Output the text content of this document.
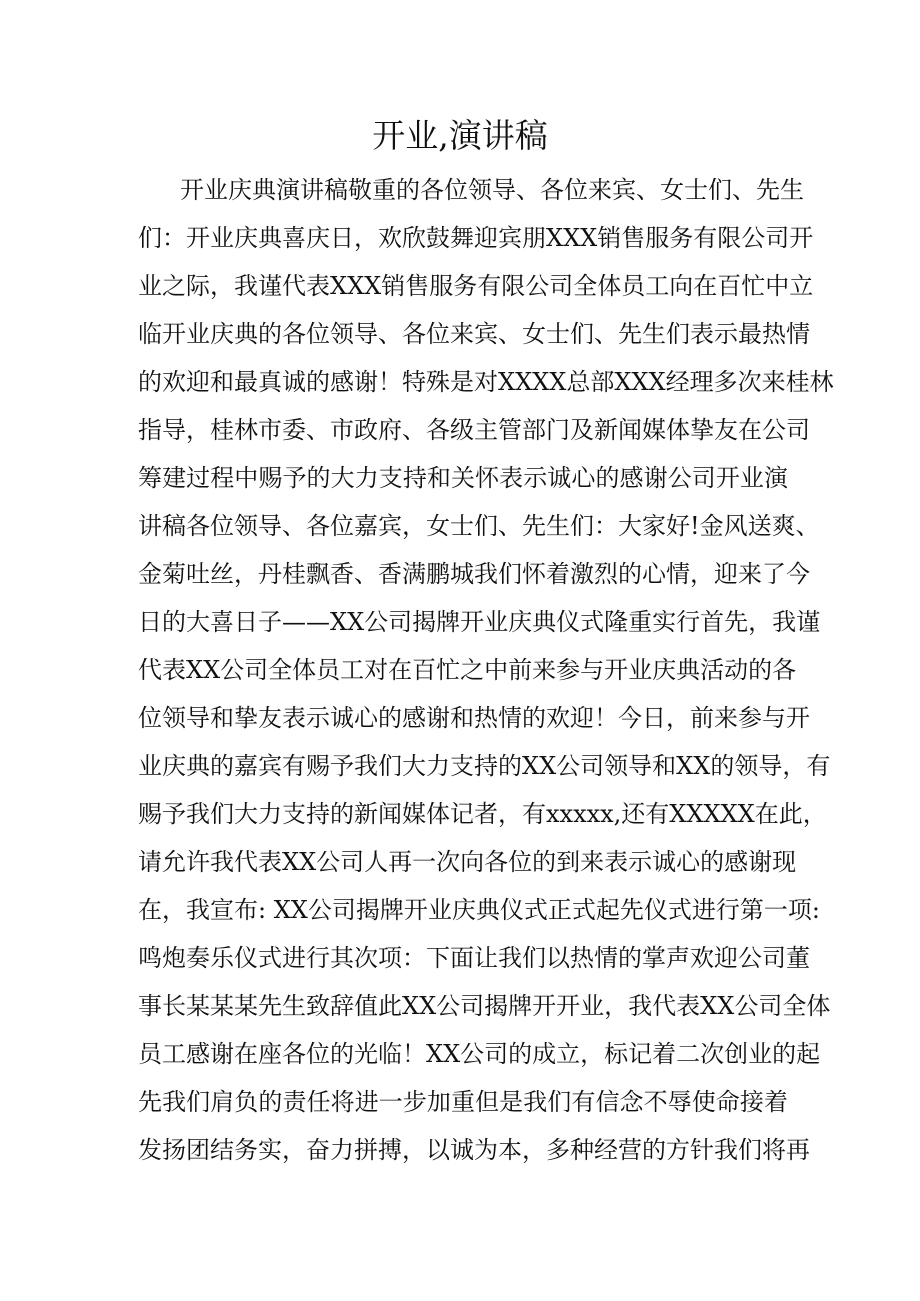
开业,演讲稿
开业庆典演讲稿敬重的各位领导、各位来宾、女士们、先生
们：开业庆典喜庆日，欢欣鼓舞迎宾朋XXX销售服务有限公司开
业之际，我谨代表XXX销售服务有限公司全体员工向在百忙中立
临开业庆典的各位领导、各位来宾、女士们、先生们表示最热情
的欢迎和最真诚的感谢！特殊是对XXXX总部XXX经理多次来桂林
指导，桂林市委、市政府、各级主管部门及新闻媒体挚友在公司
筹建过程中赐予的大力支持和关怀表示诚心的感谢公司开业演
讲稿各位领导、各位嘉宾，女士们、先生们：大家好!金风送爽、
金菊吐丝，丹桂飘香、香满鹏城我们怀着激烈的心情，迎来了今
日的大喜日子——XX公司揭牌开业庆典仪式隆重实行首先，我谨
代表XX公司全体员工对在百忙之中前来参与开业庆典活动的各
位领导和挚友表示诚心的感谢和热情的欢迎！今日，前来参与开
业庆典的嘉宾有赐予我们大力支持的XX公司领导和XX的领导，有
赐予我们大力支持的新闻媒体记者，有xxxxx,还有XXXXX在此，
请允许我代表XX公司人再一次向各位的到来表示诚心的感谢现
在，我宣布: XX公司揭牌开业庆典仪式正式起先仪式进行第一项:
鸣炮奏乐仪式进行其次项：下面让我们以热情的掌声欢迎公司董
事长某某某先生致辞值此XX公司揭牌开开业，我代表XX公司全体
员工感谢在座各位的光临！XX公司的成立，标记着二次创业的起
先我们肩负的责任将进一步加重但是我们有信念不辱使命接着
发扬团结务实，奋力拼搏，以诚为本，多种经营的方针我们将再
